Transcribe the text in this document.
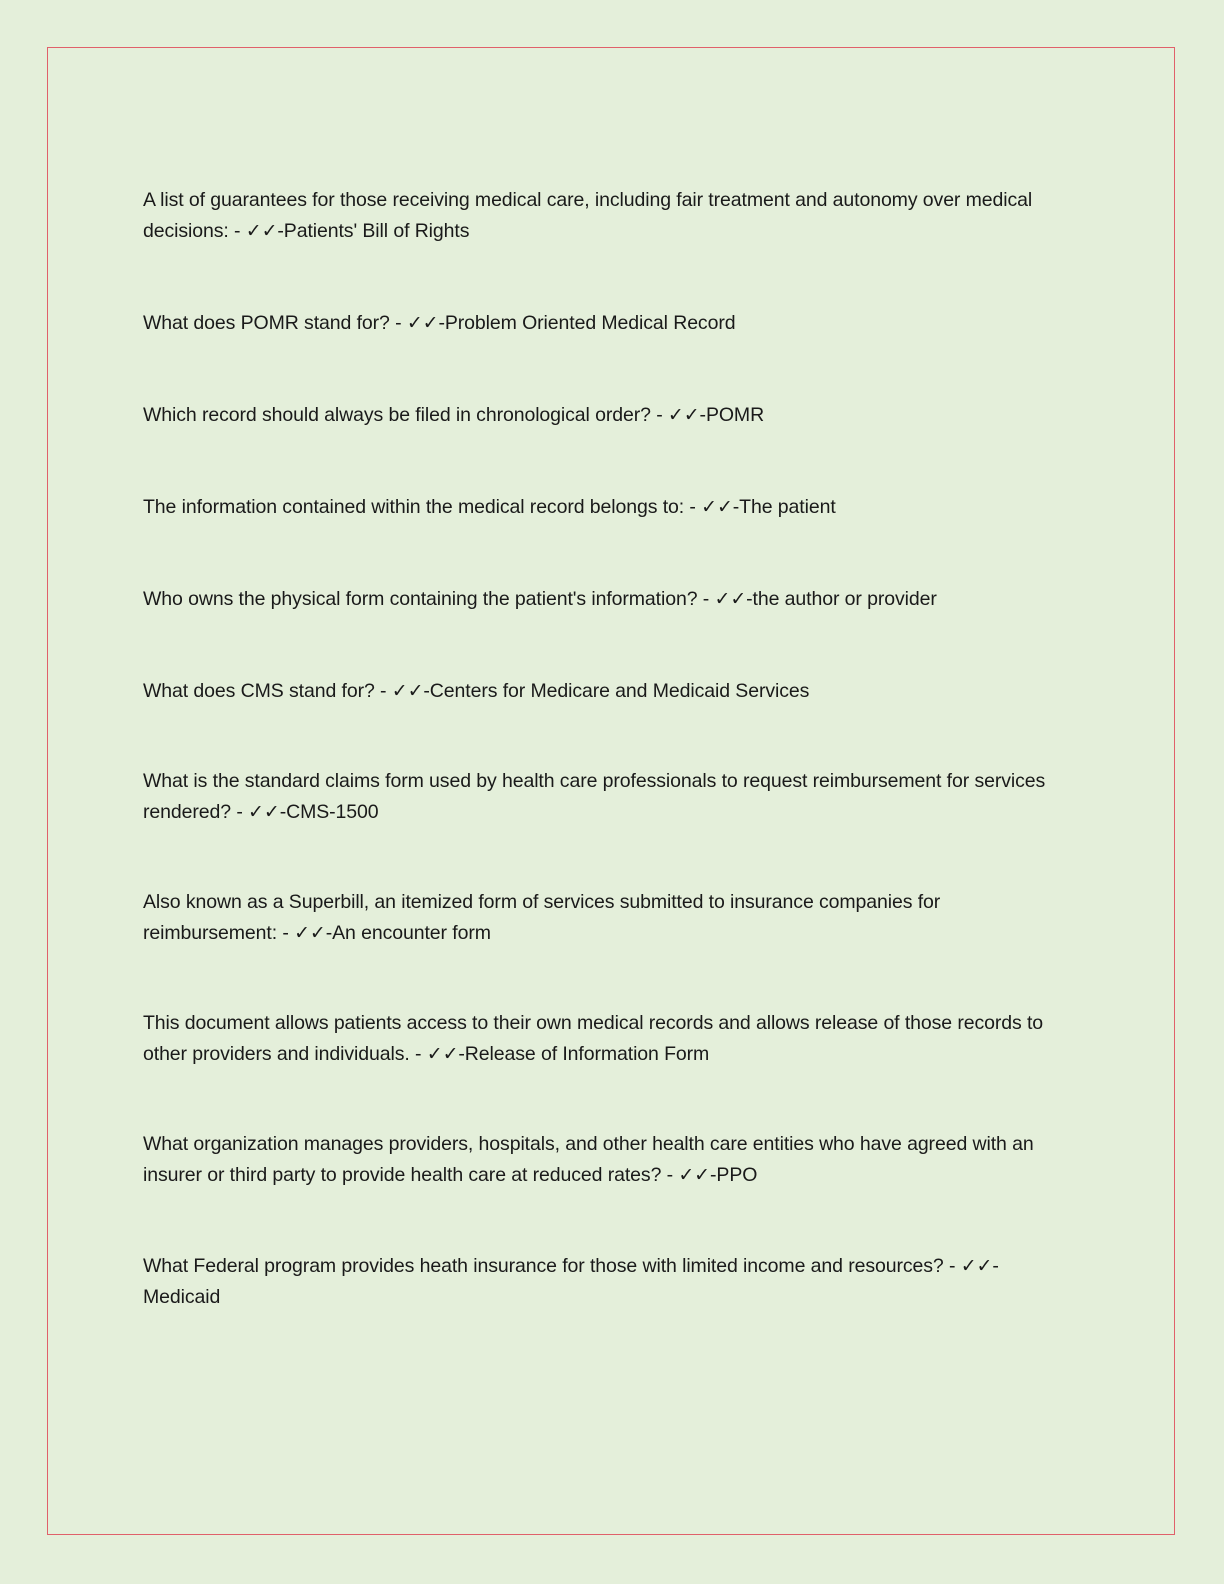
A list of guarantees for those receiving medical care, including fair treatment and autonomy over medical decisions: - ✓✓-Patients' Bill of Rights
What does POMR stand for? - ✓✓-Problem Oriented Medical Record
Which record should always be filed in chronological order? - ✓✓-POMR
The information contained within the medical record belongs to: - ✓✓-The patient
Who owns the physical form containing the patient's information? - ✓✓-the author or provider
What does CMS stand for? - ✓✓-Centers for Medicare and Medicaid Services
What is the standard claims form used by health care professionals to request reimbursement for services rendered? - ✓✓-CMS-1500
Also known as a Superbill, an itemized form of services submitted to insurance companies for reimbursement: - ✓✓-An encounter form
This document allows patients access to their own medical records and allows release of those records to other providers and individuals. - ✓✓-Release of Information Form
What organization manages providers, hospitals, and other health care entities who have agreed with an insurer or third party to provide health care at reduced rates? - ✓✓-PPO
What Federal program provides heath insurance for those with limited income and resources? - ✓✓-Medicaid
